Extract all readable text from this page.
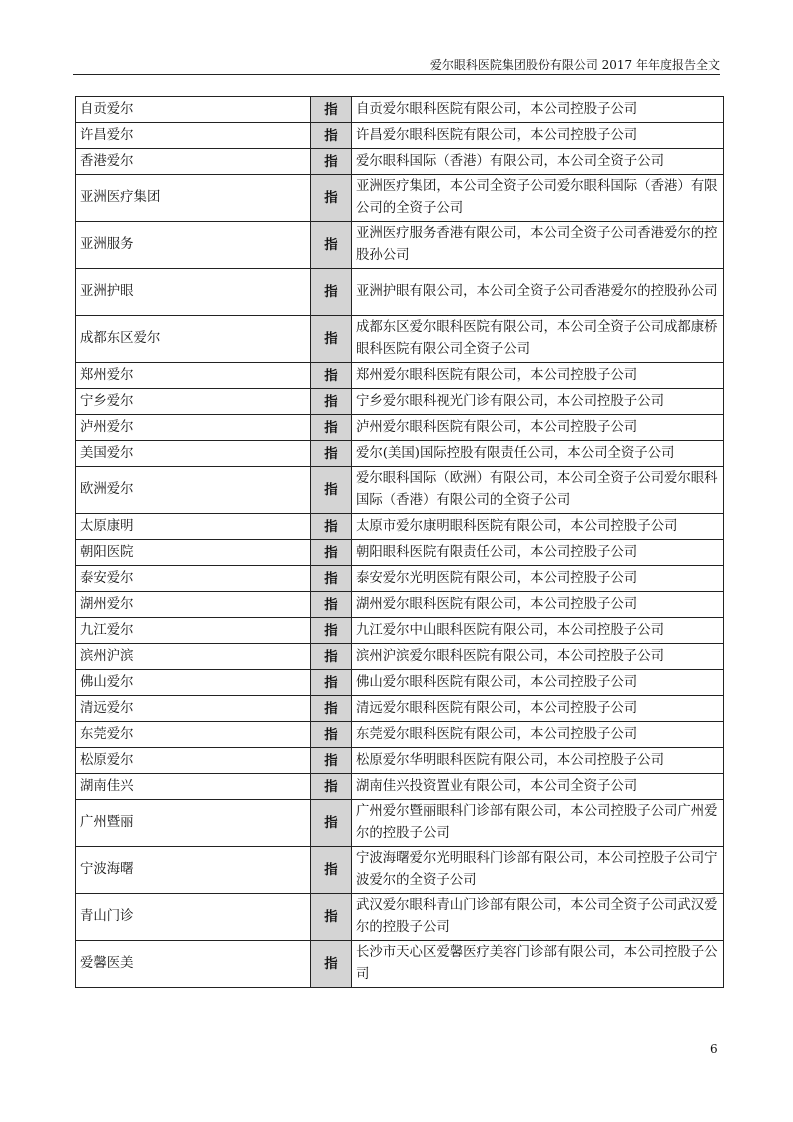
爱尔眼科医院集团股份有限公司 2017 年年度报告全文
自贡爱尔	指	自贡爱尔眼科医院有限公司，本公司控股子公司
许昌爱尔	指	许昌爱尔眼科医院有限公司，本公司控股子公司
香港爱尔	指	爱尔眼科国际（香港）有限公司，本公司全资子公司
亚洲医疗集团	指	亚洲医疗集团，本公司全资子公司爱尔眼科国际（香港）有限公司的全资子公司
亚洲服务	指	亚洲医疗服务香港有限公司，本公司全资子公司香港爱尔的控股孙公司
亚洲护眼	指	亚洲护眼有限公司，本公司全资子公司香港爱尔的控股孙公司
成都东区爱尔	指	成都东区爱尔眼科医院有限公司，本公司全资子公司成都康桥眼科医院有限公司全资子公司
郑州爱尔	指	郑州爱尔眼科医院有限公司，本公司控股子公司
宁乡爱尔	指	宁乡爱尔眼科视光门诊有限公司，本公司控股子公司
泸州爱尔	指	泸州爱尔眼科医院有限公司，本公司控股子公司
美国爱尔	指	爱尔(美国)国际控股有限责任公司，本公司全资子公司
欧洲爱尔	指	爱尔眼科国际（欧洲）有限公司，本公司全资子公司爱尔眼科国际（香港）有限公司的全资子公司
太原康明	指	太原市爱尔康明眼科医院有限公司，本公司控股子公司
朝阳医院	指	朝阳眼科医院有限责任公司，本公司控股子公司
泰安爱尔	指	泰安爱尔光明医院有限公司，本公司控股子公司
湖州爱尔	指	湖州爱尔眼科医院有限公司，本公司控股子公司
九江爱尔	指	九江爱尔中山眼科医院有限公司，本公司控股子公司
滨州沪滨	指	滨州沪滨爱尔眼科医院有限公司，本公司控股子公司
佛山爱尔	指	佛山爱尔眼科医院有限公司，本公司控股子公司
清远爱尔	指	清远爱尔眼科医院有限公司，本公司控股子公司
东莞爱尔	指	东莞爱尔眼科医院有限公司，本公司控股子公司
松原爱尔	指	松原爱尔华明眼科医院有限公司，本公司控股子公司
湖南佳兴	指	湖南佳兴投资置业有限公司，本公司全资子公司
广州暨丽	指	广州爱尔暨丽眼科门诊部有限公司，本公司控股子公司广州爱尔的控股子公司
宁波海曙	指	宁波海曙爱尔光明眼科门诊部有限公司，本公司控股子公司宁波爱尔的全资子公司
青山门诊	指	武汉爱尔眼科青山门诊部有限公司，本公司全资子公司武汉爱尔的控股子公司
爱馨医美	指	长沙市天心区爱馨医疗美容门诊部有限公司，本公司控股子公司
6
